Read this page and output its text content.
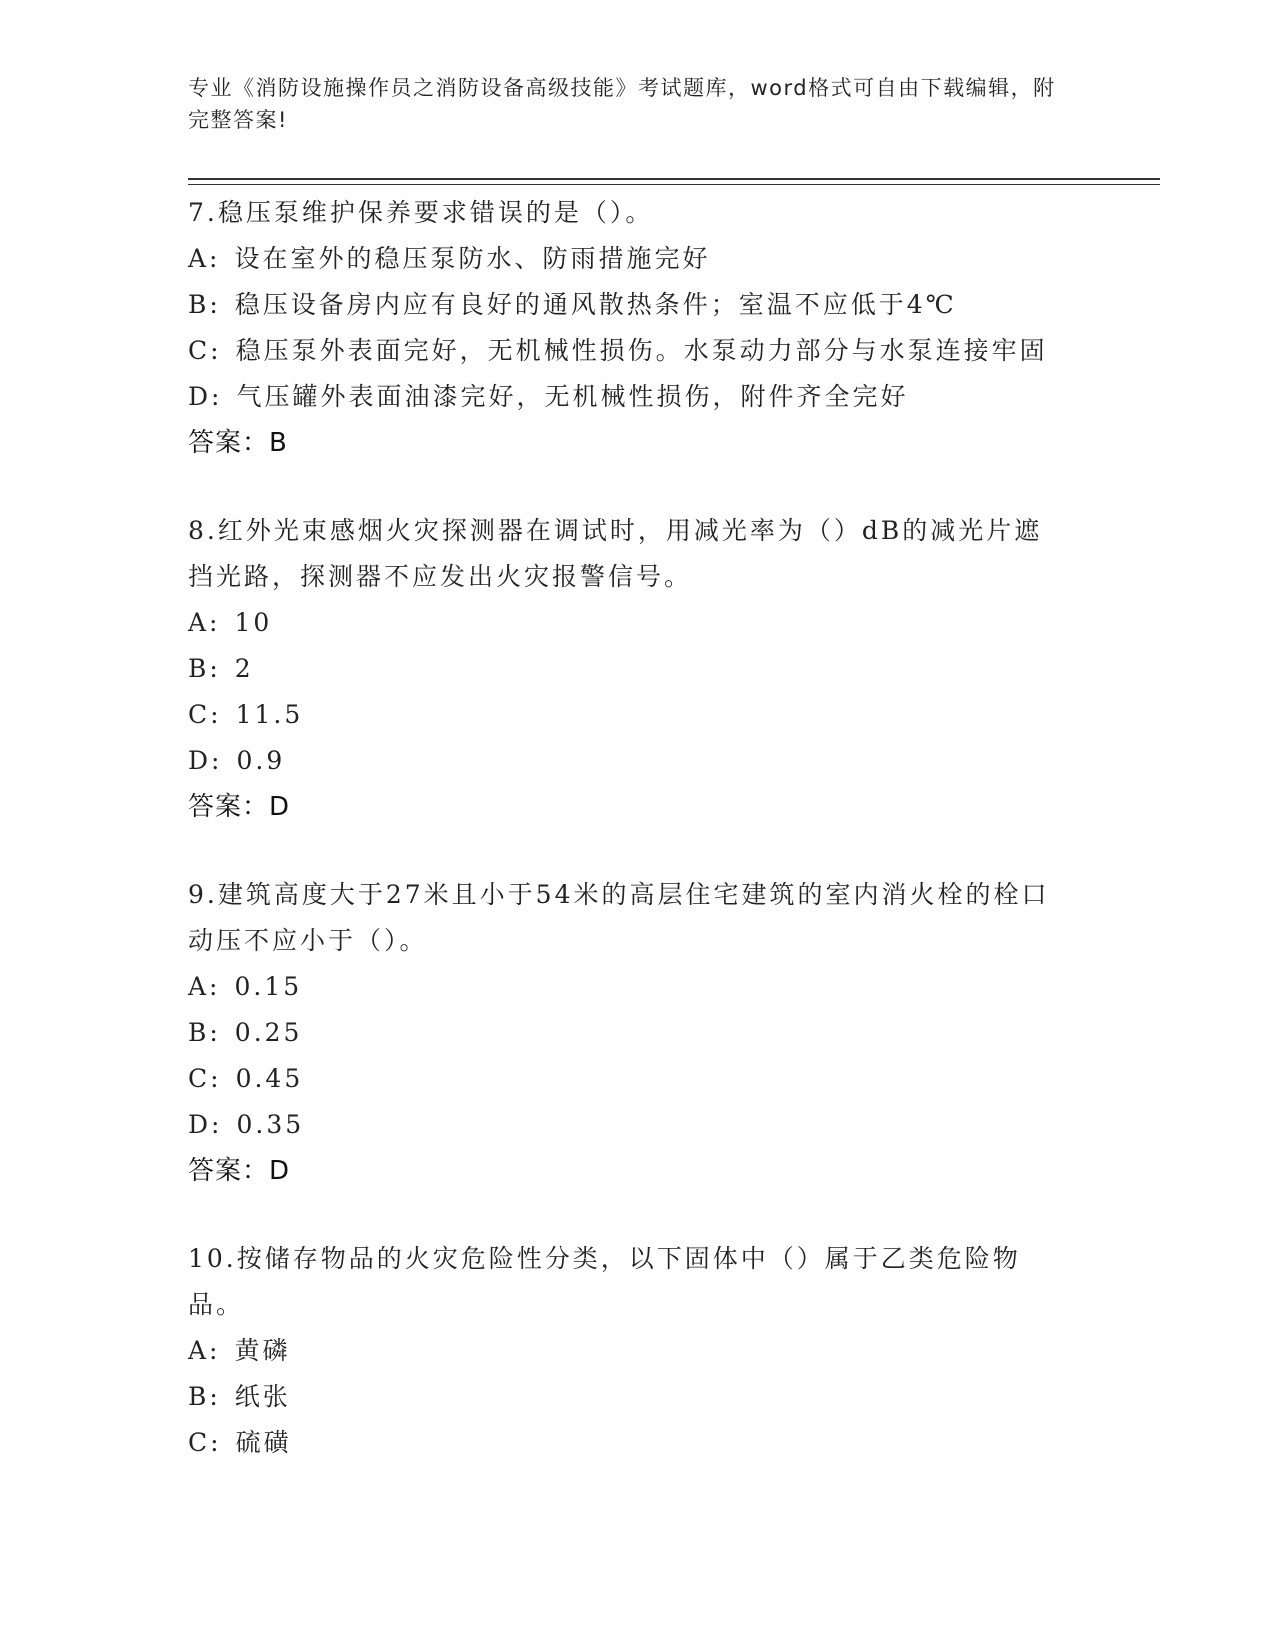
专业《消防设施操作员之消防设备高级技能》考试题库，word格式可自由下载编辑，附完整答案!
7.稳压泵维护保养要求错误的是（）。
A: 设在室外的稳压泵防水、防雨措施完好
B: 稳压设备房内应有良好的通风散热条件；室温不应低于4℃
C: 稳压泵外表面完好，无机械性损伤。水泵动力部分与水泵连接牢固
D: 气压罐外表面油漆完好，无机械性损伤，附件齐全完好
答案：B
8.红外光束感烟火灾探测器在调试时，用减光率为（）dB的减光片遮挡光路，探测器不应发出火灾报警信号。
A: 10
B: 2
C: 11.5
D: 0.9
答案：D
9.建筑高度大于27米且小于54米的高层住宅建筑的室内消火栓的栓口动压不应小于（）。
A: 0.15
B: 0.25
C: 0.45
D: 0.35
答案：D
10.按储存物品的火灾危险性分类，以下固体中（）属于乙类危险物品。
A: 黄磷
B: 纸张
C: 硫磺
